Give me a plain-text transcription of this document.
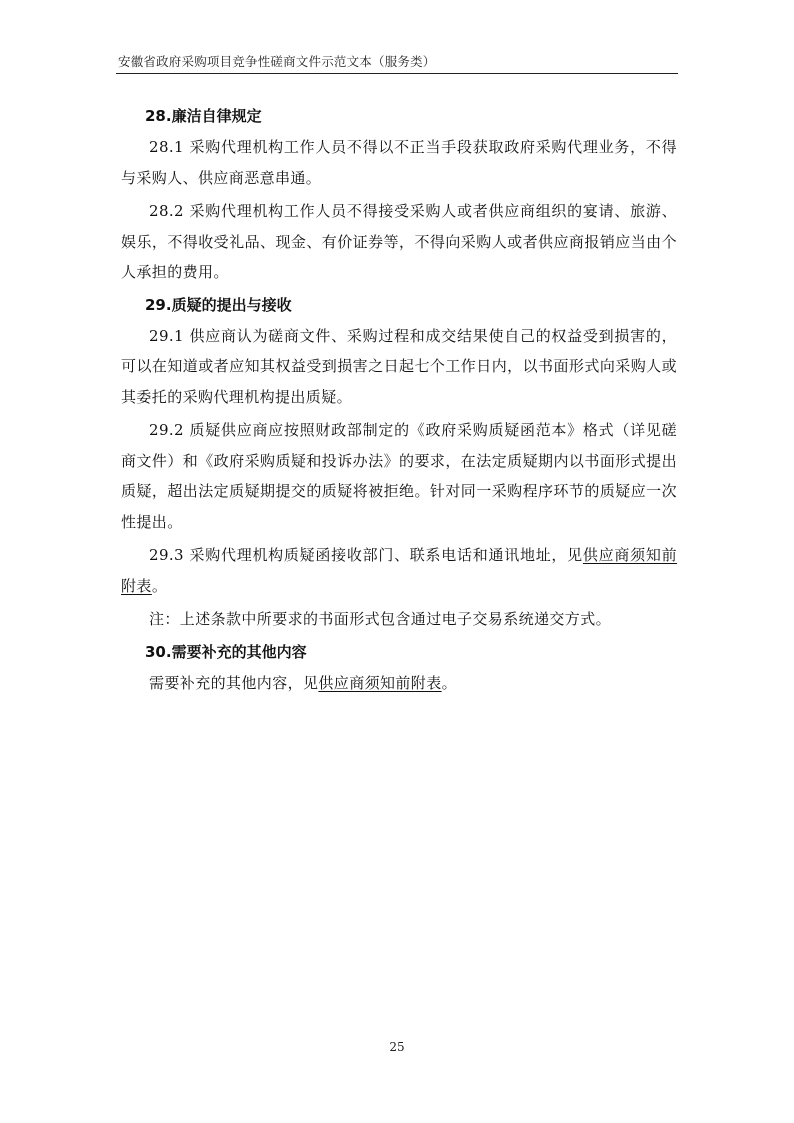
安徽省政府采购项目竞争性磋商文件示范文本（服务类）
28.廉洁自律规定

28.1 采购代理机构工作人员不得以不正当手段获取政府采购代理业务，不得与采购人、供应商恶意串通。

28.2 采购代理机构工作人员不得接受采购人或者供应商组织的宴请、旅游、娱乐，不得收受礼品、现金、有价证券等，不得向采购人或者供应商报销应当由个人承担的费用。

29.质疑的提出与接收

29.1 供应商认为磋商文件、采购过程和成交结果使自己的权益受到损害的，可以在知道或者应知其权益受到损害之日起七个工作日内，以书面形式向采购人或其委托的采购代理机构提出质疑。

29.2 质疑供应商应按照财政部制定的《政府采购质疑函范本》格式（详见磋商文件）和《政府采购质疑和投诉办法》的要求，在法定质疑期内以书面形式提出质疑，超出法定质疑期提交的质疑将被拒绝。针对同一采购程序环节的质疑应一次性提出。

29.3 采购代理机构质疑函接收部门、联系电话和通讯地址，见供应商须知前附表。

注：上述条款中所要求的书面形式包含通过电子交易系统递交方式。

30.需要补充的其他内容

需要补充的其他内容，见供应商须知前附表。

25
